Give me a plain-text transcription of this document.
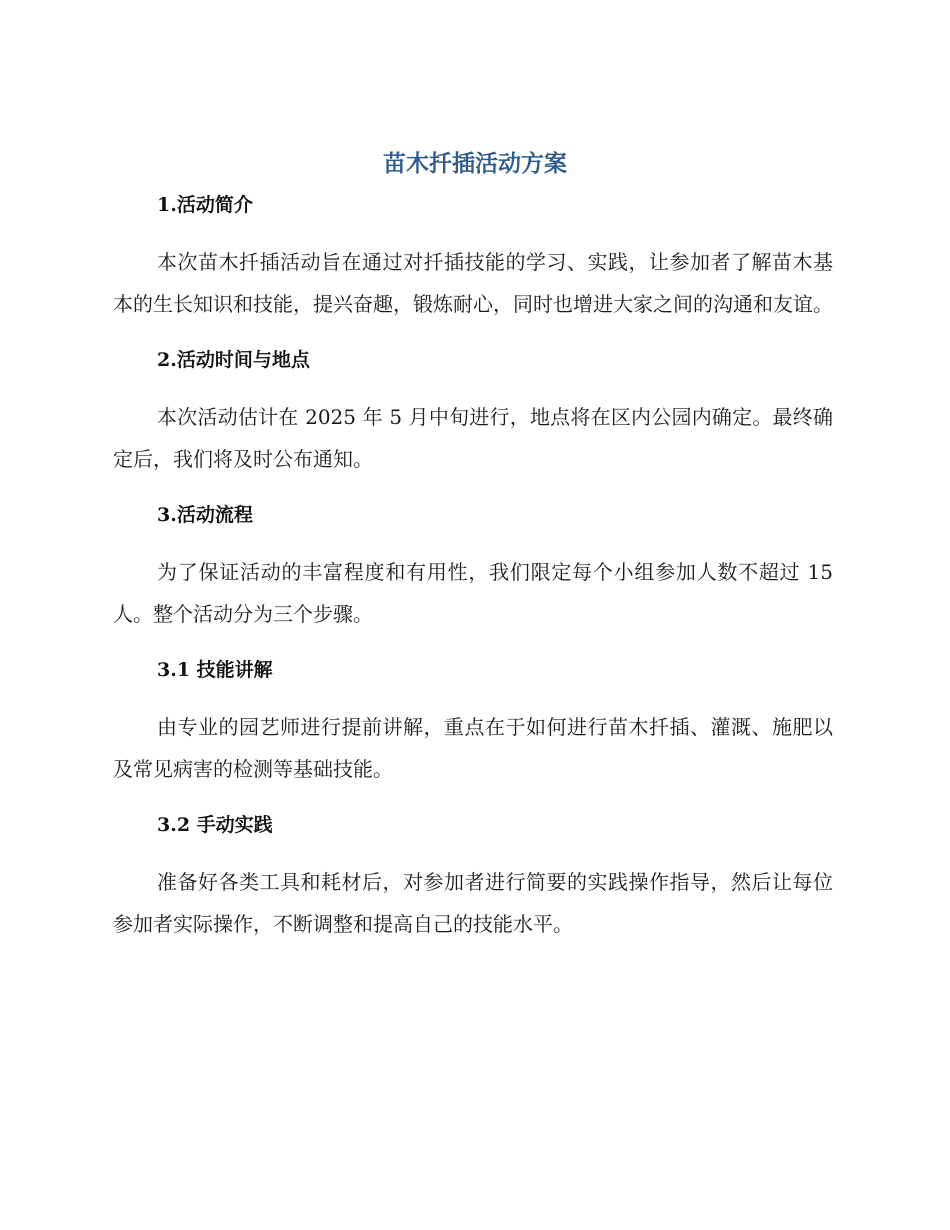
苗木扦插活动方案
1.活动简介

本次苗木扦插活动旨在通过对扦插技能的学习、实践，让参加者了解苗木基本的生长知识和技能，提兴奋趣，锻炼耐心，同时也增进大家之间的沟通和友谊。

2.活动时间与地点

本次活动估计在 2025 年 5 月中旬进行，地点将在区内公园内确定。最终确定后，我们将及时公布通知。

3.活动流程

为了保证活动的丰富程度和有用性，我们限定每个小组参加人数不超过 15 人。整个活动分为三个步骤。

3.1 技能讲解

由专业的园艺师进行提前讲解，重点在于如何进行苗木扦插、灌溉、施肥以及常见病害的检测等基础技能。

3.2 手动实践

准备好各类工具和耗材后，对参加者进行简要的实践操作指导，然后让每位参加者实际操作，不断调整和提高自己的技能水平。
